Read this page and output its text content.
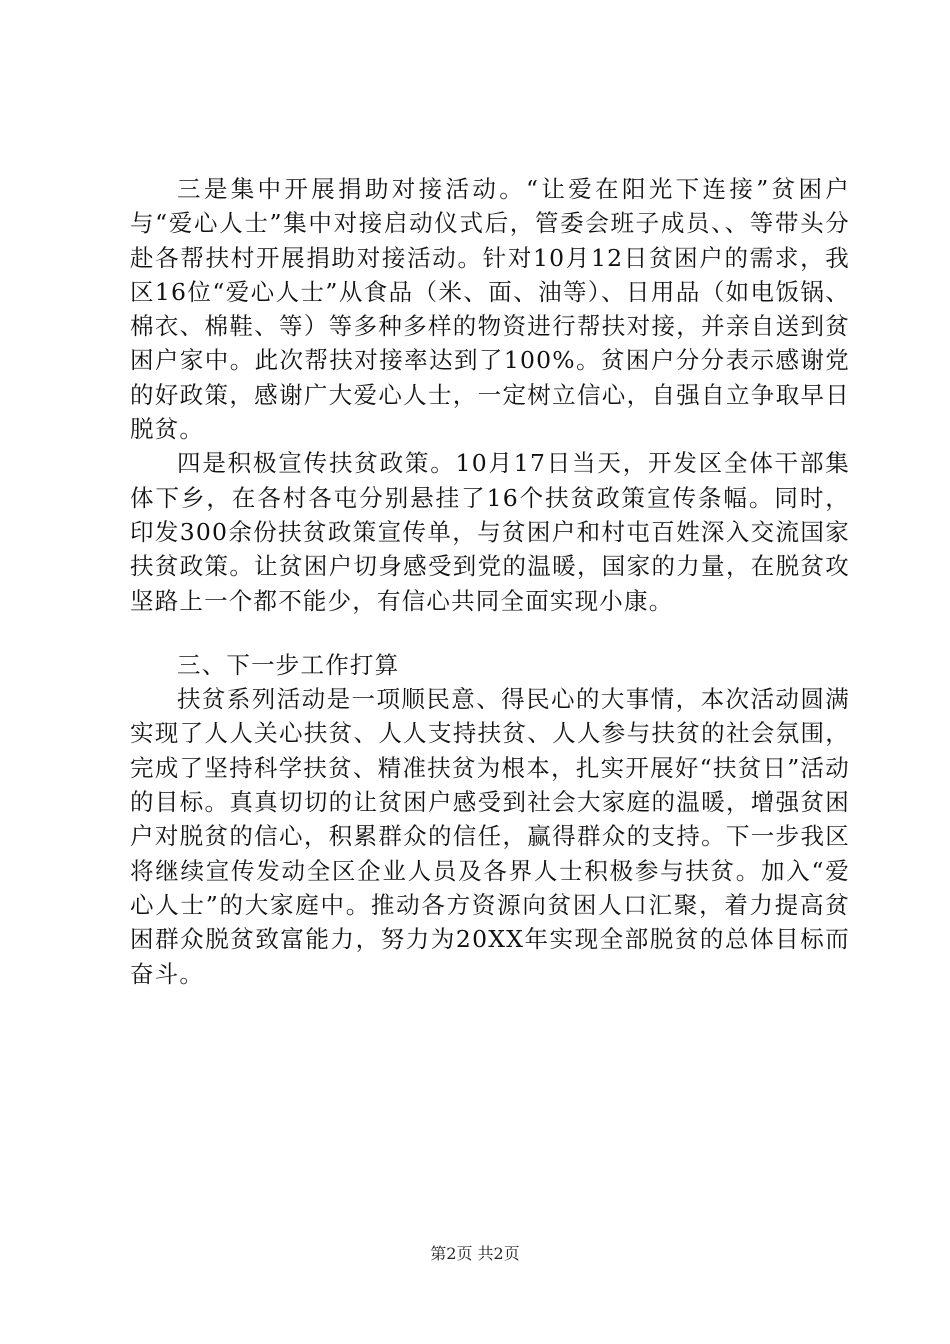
三是集中开展捐助对接活动。“让爱在阳光下连接”贫困户与“爱心人士”集中对接启动仪式后，管委会班子成员、、等带头分赴各帮扶村开展捐助对接活动。针对10月12日贫困户的需求，我区16位“爱心人士”从食品（米、面、油等）、日用品（如电饭锅、棉衣、棉鞋、等）等多种多样的物资进行帮扶对接，并亲自送到贫困户家中。此次帮扶对接率达到了100%。贫困户分分表示感谢党的好政策，感谢广大爱心人士，一定树立信心，自强自立争取早日脱贫。

四是积极宣传扶贫政策。10月17日当天，开发区全体干部集体下乡，在各村各屯分别悬挂了16个扶贫政策宣传条幅。同时，印发300余份扶贫政策宣传单，与贫困户和村屯百姓深入交流国家扶贫政策。让贫困户切身感受到党的温暖，国家的力量，在脱贫攻坚路上一个都不能少，有信心共同全面实现小康。

三、下一步工作打算

扶贫系列活动是一项顺民意、得民心的大事情，本次活动圆满实现了人人关心扶贫、人人支持扶贫、人人参与扶贫的社会氛围，完成了坚持科学扶贫、精准扶贫为根本，扎实开展好“扶贫日”活动的目标。真真切切的让贫困户感受到社会大家庭的温暖，增强贫困户对脱贫的信心，积累群众的信任，赢得群众的支持。下一步我区将继续宣传发动全区企业人员及各界人士积极参与扶贫。加入“爱心人士”的大家庭中。推动各方资源向贫困人口汇聚，着力提高贫困群众脱贫致富能力，努力为20XX年实现全部脱贫的总体目标而奋斗。

第2页 共2页
